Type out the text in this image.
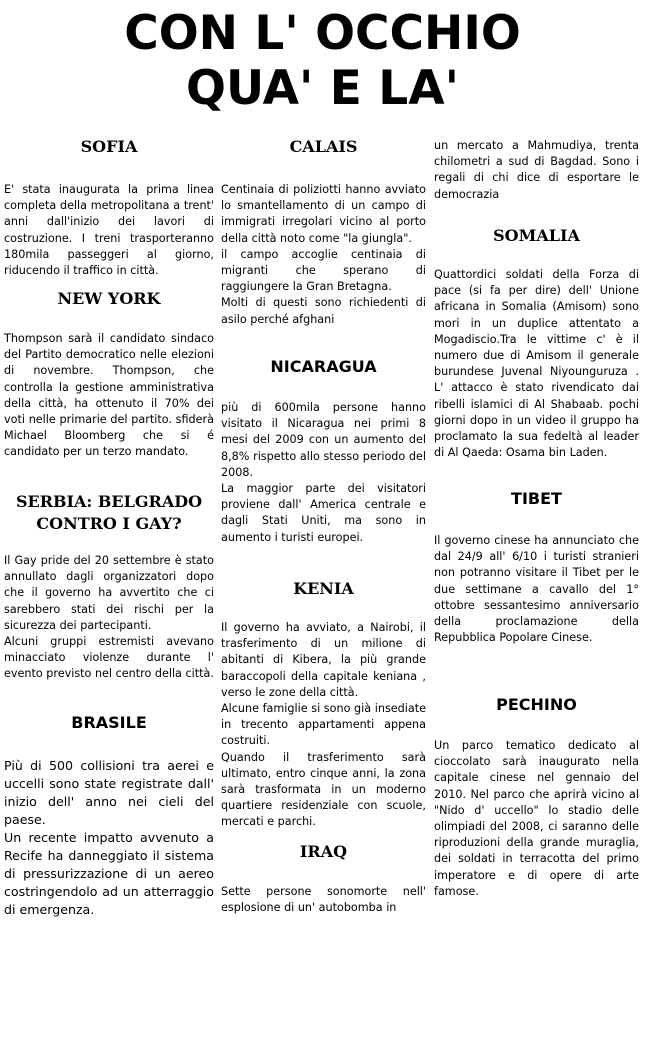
CON L' OCCHIO
QUA' E LA'
SOFIA

E' stata inaugurata la prima linea completa della metropolitana a trent' anni dall'inizio dei lavori di costruzione. I treni trasporteranno 180mila passeggeri al giorno, riducendo il traffico in città.

NEW YORK

Thompson sarà il candidato sindaco del Partito democratico nelle elezioni di novembre. Thompson, che controlla la gestione amministrativa della città, ha ottenuto il 70% dei voti nelle primarie del partito. sfiderà Michael Bloomberg che si é candidato per un terzo mandato.

SERBIA: BELGRADO CONTRO I GAY?

Il Gay pride del 20 settembre è stato annullato dagli organizzatori dopo che il governo ha avvertito che ci sarebbero stati dei rischi per la sicurezza dei partecipanti.

Alcuni gruppi estremisti avevano minacciato violenze durante l' evento previsto nel centro della città.

BRASILE

Più di 500 collisioni tra aerei e uccelli sono state registrate dall' inizio dell' anno nei cieli del paese.

Un recente impatto avvenuto a Recife ha danneggiato il sistema di pressurizzazione di un aereo costringendolo ad un atterraggio di emergenza.

CALAIS

Centinaia di poliziotti hanno avviato lo smantellamento di un campo di immigrati irregolari vicino al porto della città noto come "la giungla".

il campo accoglie centinaia di migranti che sperano di raggiungere la Gran Bretagna.

Molti di questi sono richiedenti di asilo perché afghani

NICARAGUA

più di 600mila persone hanno visitato il Nicaragua nei primi 8 mesi del 2009 con un aumento del 8,8% rispetto allo stesso periodo del 2008.

La maggior parte dei visitatori proviene dall' America centrale e dagli Stati Uniti, ma sono in aumento i turisti europei.

KENIA

Il governo ha avviato, a Nairobi, il trasferimento di un milione di abitanti di Kibera, la più grande baraccopoli della capitale keniana , verso le zone della città.

Alcune famiglie si sono già insediate in trecento appartamenti appena costruiti.

Quando il trasferimento sarà ultimato, entro cinque anni, la zona sarà trasformata in un moderno quartiere residenziale con scuole, mercati e parchi.

IRAQ

Sette persone sonomorte nell' esplosione di un' autobomba in

un mercato a Mahmudiya, trenta chilometri a sud di Bagdad. Sono i regali di chi dice di esportare le democrazia

SOMALIA

Quattordici soldati della Forza di pace (si fa per dire) dell' Unione africana in Somalia (Amisom) sono mori in un duplice attentato a Mogadiscio.Tra le vittime c' è il numero due di Amisom il generale burundese Juvenal Niyounguruza . L' attacco è stato rivendicato dai ribelli islamici di Al Shabaab. pochi giorni dopo in un video il gruppo ha proclamato la sua fedeltà al leader di Al Qaeda: Osama bin Laden.

TIBET

Il governo cinese ha annunciato che dal 24/9 all' 6/10 i turisti stranieri non potranno visitare il Tibet per le due settimane a cavallo del 1° ottobre sessantesimo anniversario della proclamazione della Repubblica Popolare Cinese.

PECHINO

Un parco tematico dedicato al cioccolato sarà inaugurato nella capitale cinese nel gennaio del 2010. Nel parco che aprirà vicino al "Nido d' uccello" lo stadio delle olimpiadi del 2008, ci saranno delle riproduzioni della grande muraglia, dei soldati in terracotta del primo imperatore e di opere di arte famose.
